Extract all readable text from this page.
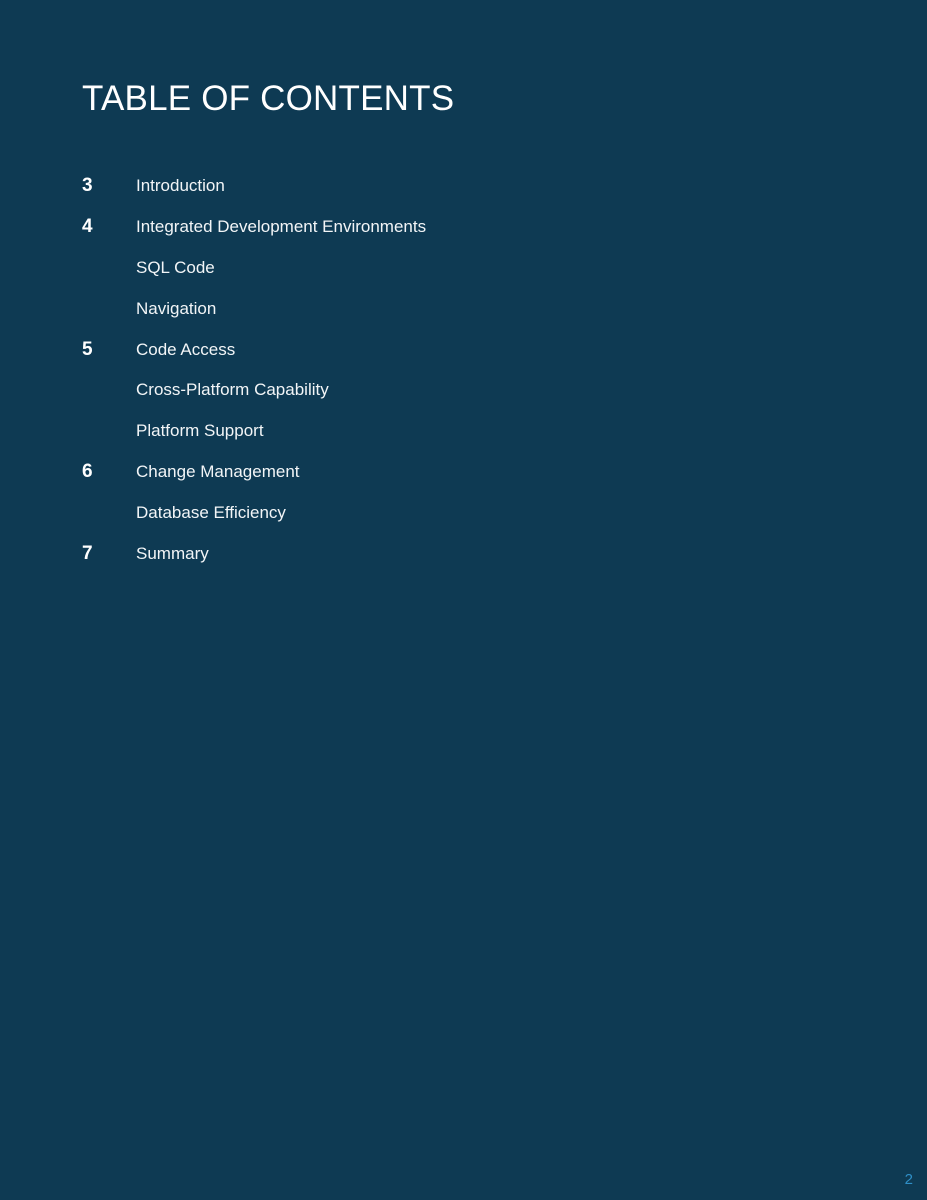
TABLE OF CONTENTS
3	Introduction
4	Integrated Development Environments
SQL Code
Navigation
5	Code Access
Cross-Platform Capability
Platform Support
6	Change Management
Database Efficiency
7	Summary
2
